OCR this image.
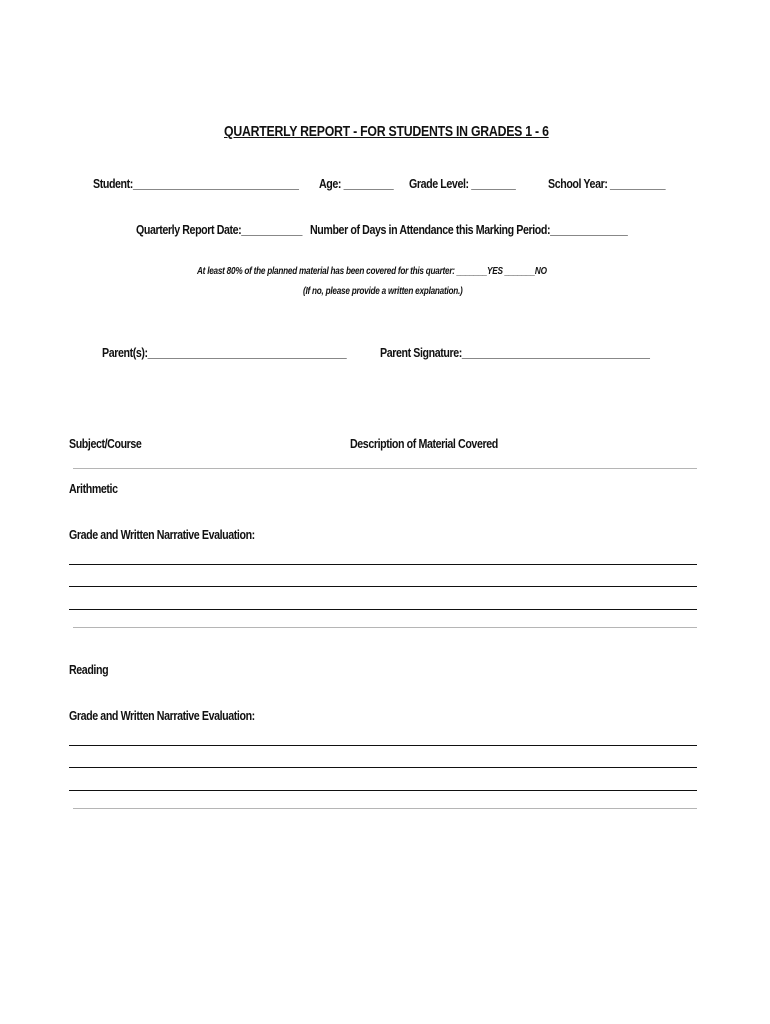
QUARTERLY REPORT - FOR STUDENTS IN GRADES 1 - 6
Student:______________________________ Age: _________ Grade Level: ________	School Year: __________
Quarterly Report Date:___________ Number of Days in Attendance this Marking Period:______________
At least 80% of the planned material has been covered for this quarter: _______YES _______NO
(If no, please provide a written explanation.)
Parent(s):____________________________________	Parent Signature:__________________________________
Subject/Course	Description of Material Covered
Arithmetic
Grade and Written Narrative Evaluation:
Reading
Grade and Written Narrative Evaluation:
